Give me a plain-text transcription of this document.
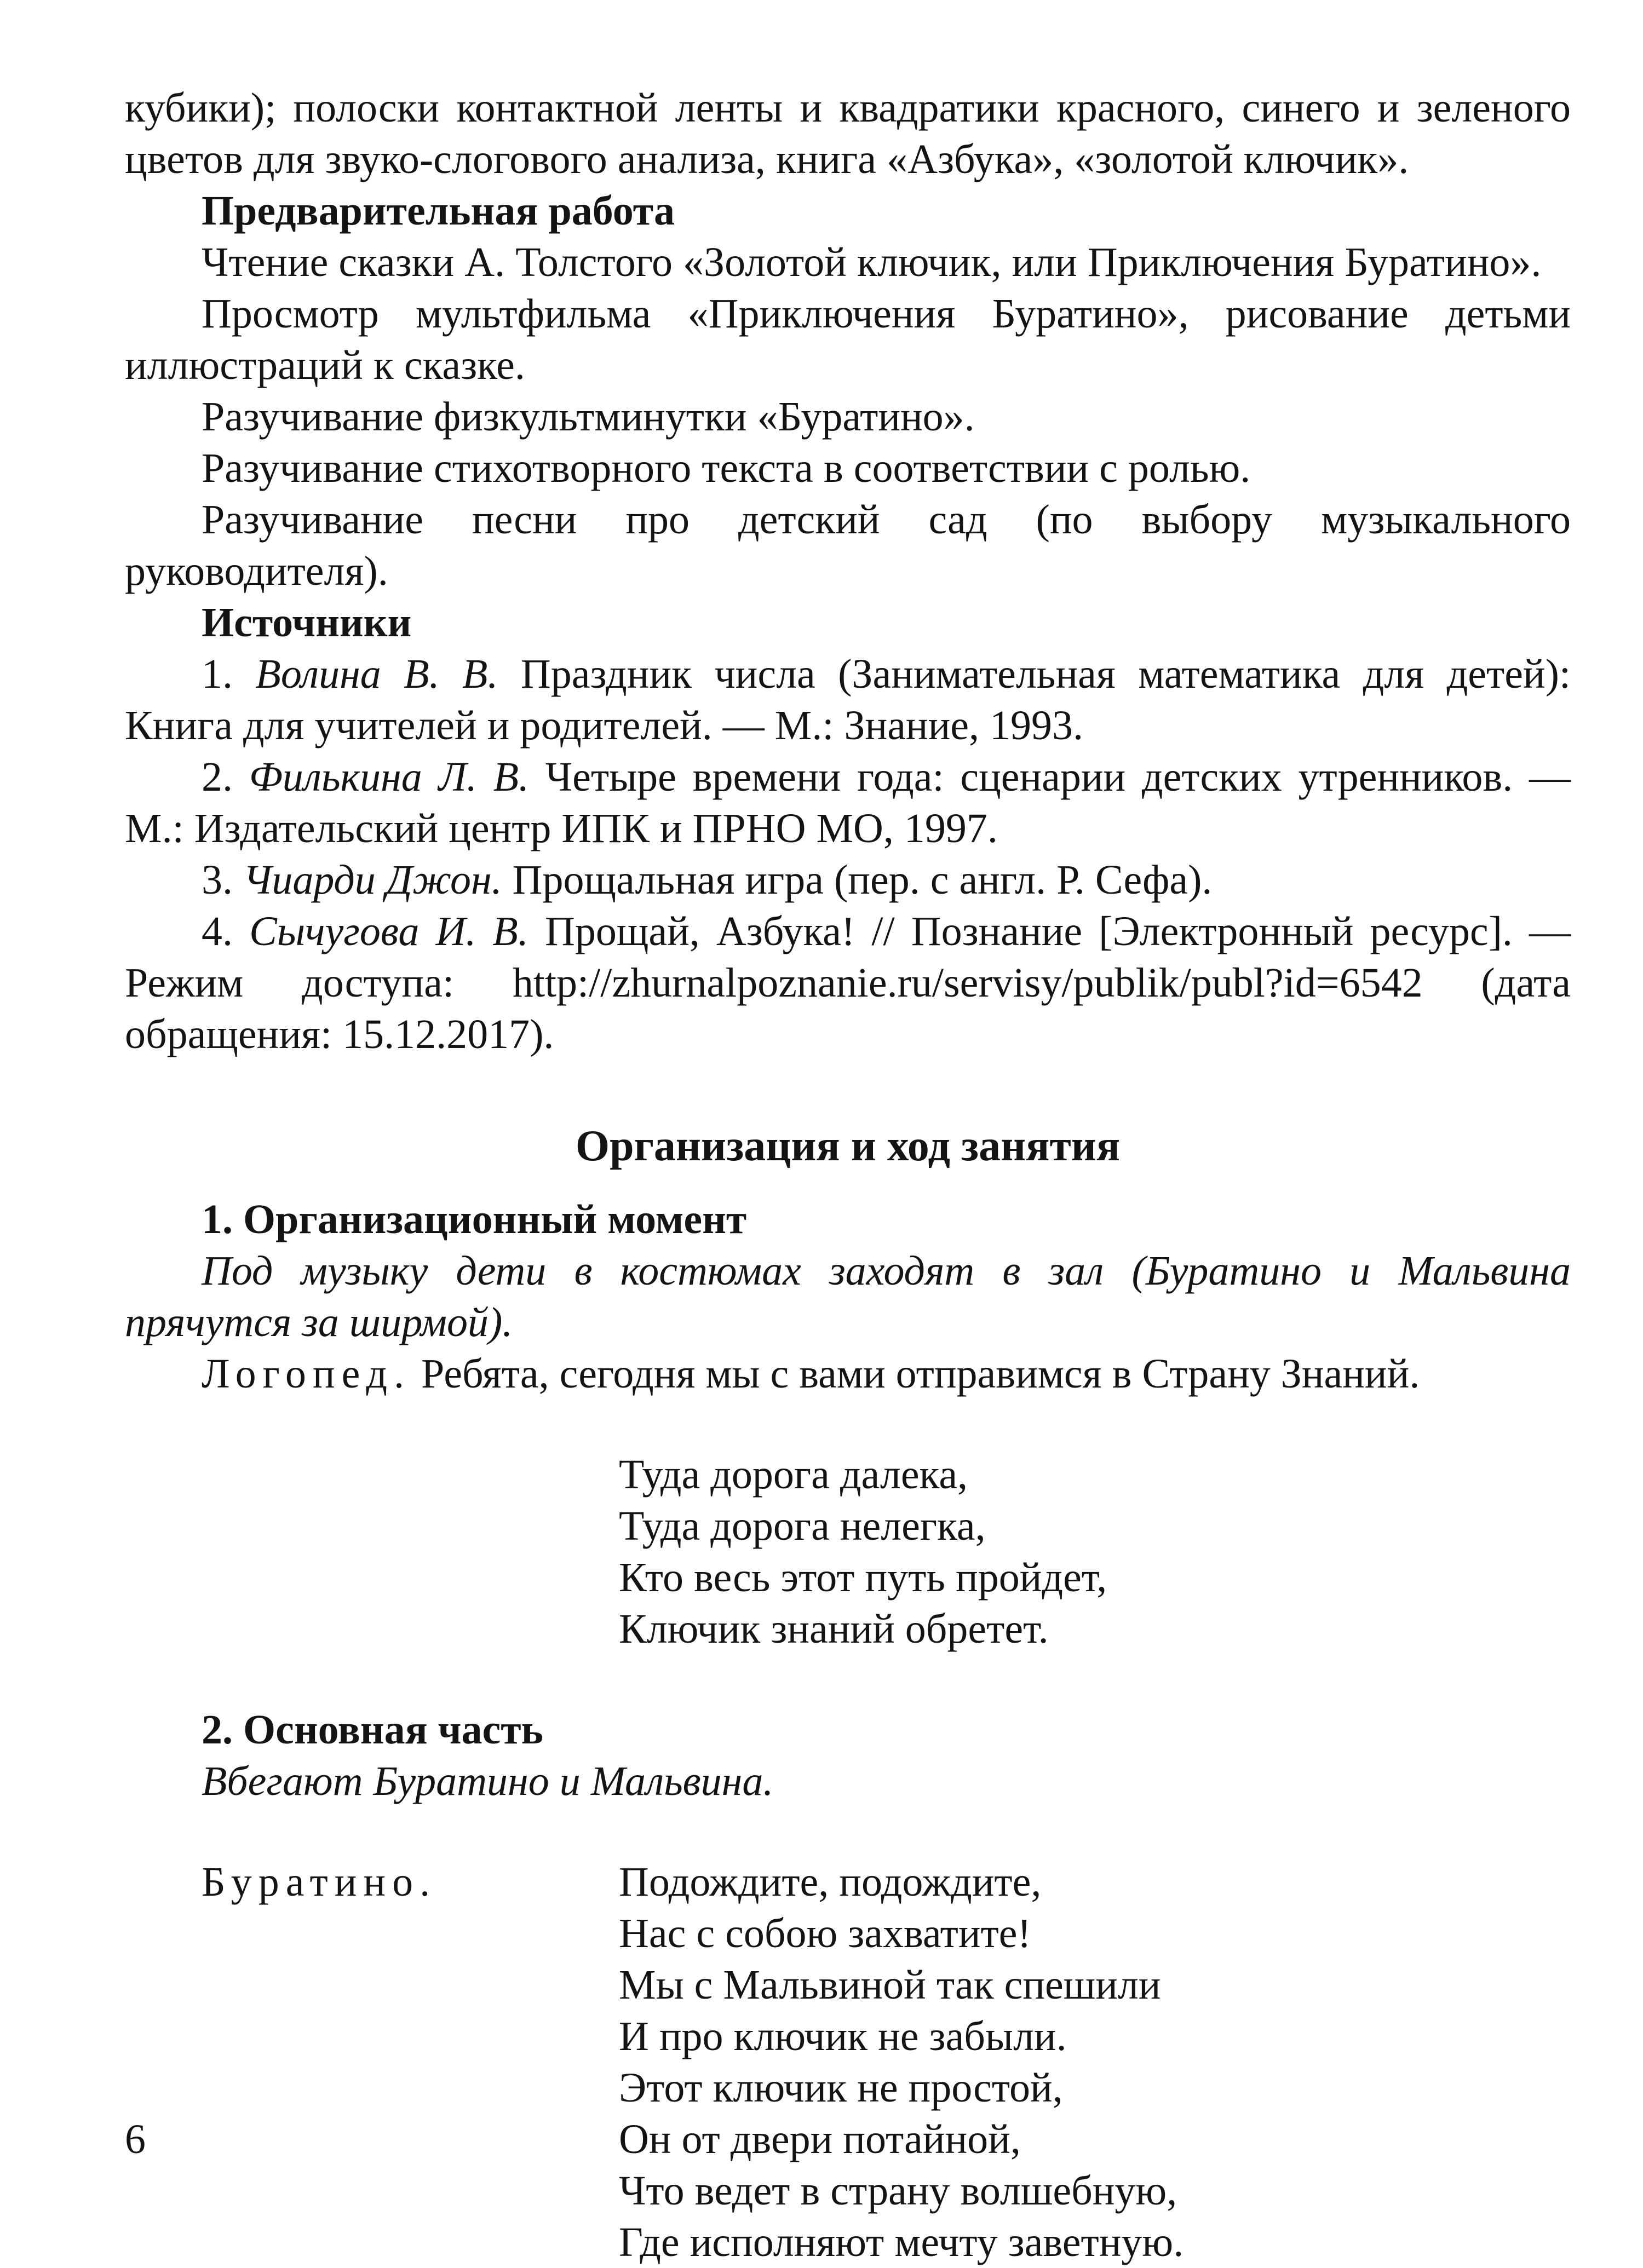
кубики); полоски контактной ленты и квадратики красного, синего и зеленого цветов для звуко-слогового анализа, книга «Азбука», «золотой ключик».

Предварительная работа

Чтение сказки А. Толстого «Золотой ключик, или Приключения Буратино».

Просмотр мультфильма «Приключения Буратино», рисование детьми иллюстраций к сказке.

Разучивание физкультминутки «Буратино».

Разучивание стихотворного текста в соответствии с ролью.

Разучивание песни про детский сад (по выбору музыкального руководителя).

Источники

1. Волина В. В. Праздник числа (Занимательная математика для детей): Книга для учителей и родителей. — М.: Знание, 1993.

2. Филькина Л. В. Четыре времени года: сценарии детских утренников. — М.: Издательский центр ИПК и ПРНО МО, 1997.

3. Чиарди Джон. Прощальная игра (пер. с англ. Р. Сефа).

4. Сычугова И. В. Прощай, Азбука! // Познание [Электронный ресурс]. — Режим доступа: http://zhurnalpoznanie.ru/servisy/publik/publ?id=6542 (дата обращения: 15.12.2017).

Организация и ход занятия

1. Организационный момент

Под музыку дети в костюмах заходят в зал (Буратино и Мальвина прячутся за ширмой).

Логопед. Ребята, сегодня мы с вами отправимся в Страну Знаний.

Туда дорога далека,

Туда дорога нелегка,

Кто весь этот путь пройдет,

Ключик знаний обретет.

2. Основная часть

Вбегают Буратино и Мальвина.

Буратино.	Подождите, подождите,

Нас с собою захватите!

Мы с Мальвиной так спешили

И про ключик не забыли.

Этот ключик не простой,

Он от двери потайной,

Что ведет в страну волшебную,

Где исполняют мечту заветную.

6
